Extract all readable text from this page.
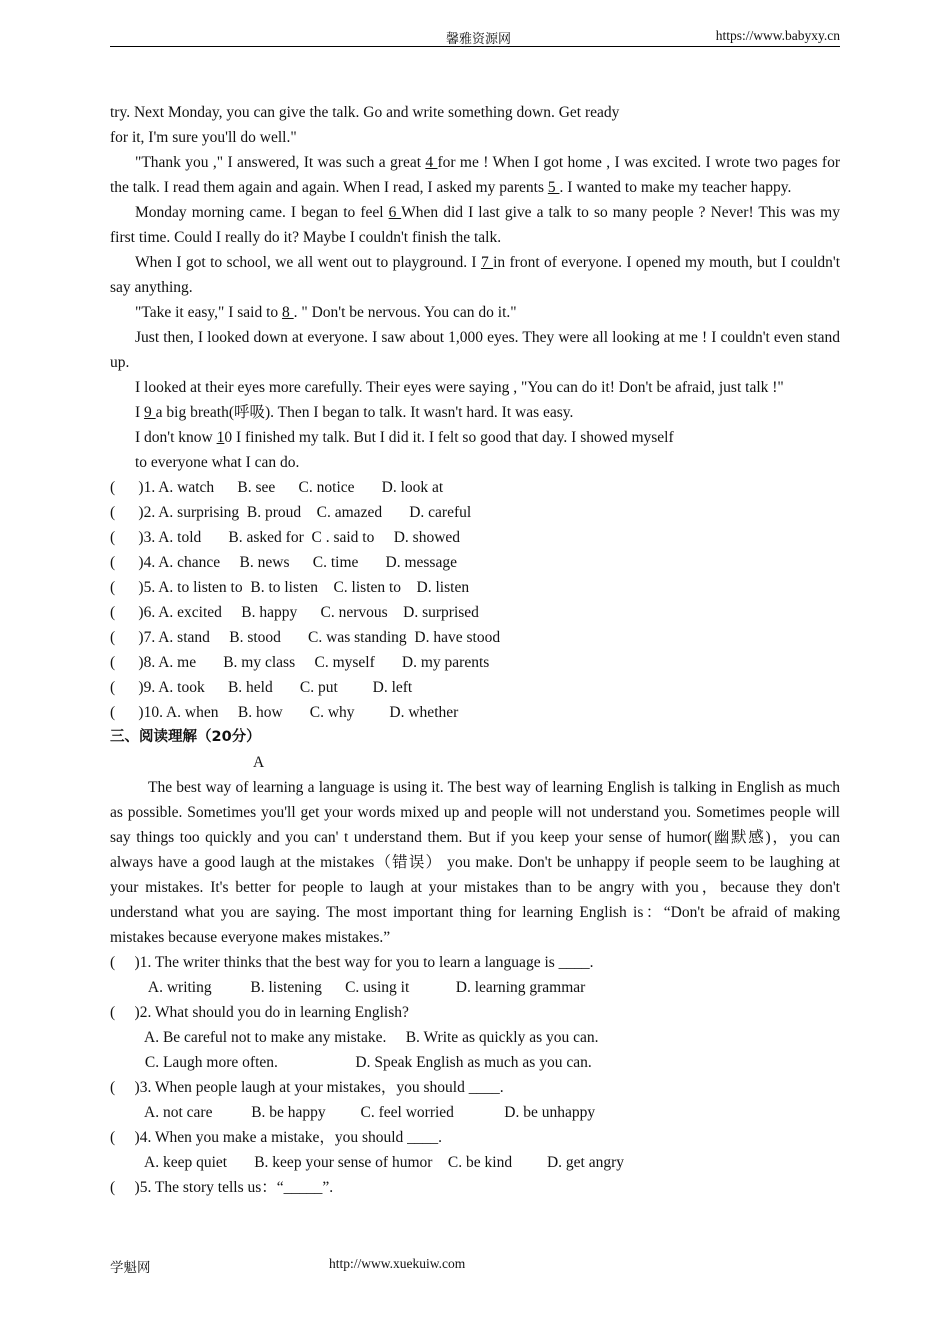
馨雅资源网	https://www.babyxy.cn
try. Next Monday, you can give the talk. Go and write something down. Get ready
for it, I'm sure you'll do well."
"Thank you ," I answered, It was such a great 4 for me ! When I got home , I was excited. I wrote two pages for the talk. I read them again and again. When I read, I asked my parents 5 . I wanted to make my teacher happy.
Monday morning came. I began to feel 6 When did I last give a talk to so many people ? Never! This was my first time. Could I really do it? Maybe I couldn't finish the talk.
When I got to school, we all went out to playground. I 7 in front of everyone. I opened my mouth, but I couldn't say anything.
"Take it easy," I said to 8 . " Don't be nervous. You can do it."
Just then, I looked down at everyone. I saw about 1,000 eyes. They were all looking at me ! I couldn't even stand up.
I looked at their eyes more carefully. Their eyes were saying , "You can do it! Don't be afraid, just talk !"
I 9 a big breath(呼吸). Then I began to talk. It wasn't hard. It was easy.
I don't know 10 I finished my talk. But I did it. I felt so good that day. I showed myself
to everyone what I can do.
(      )1. A. watch      B. see      C. notice       D. look at
(      )2. A. surprising  B. proud    C. amazed       D. careful
(      )3. A. told       B. asked for  C . said to     D. showed
(      )4. A. chance     B. news      C. time       D. message
(      )5. A. to listen to  B. to listen    C. listen to    D. listen
(      )6. A. excited     B. happy      C. nervous    D. surprised
(      )7. A. stand     B. stood       C. was standing  D. have stood
(      )8. A. me       B. my class     C. myself       D. my parents
(      )9. A. took      B. held       C. put         D. left
(      )10. A. when     B. how       C. why         D. whether
三、阅读理解（20分）
A
The best way of learning a language is using it. The best way of learning English is talking in English as much as possible. Sometimes you'll get your words mixed up and people will not understand you. Sometimes people will say things too quickly and you can' t understand them. But if you keep your sense of humor(幽默感)，you can always have a good laugh at the mistakes（错误） you make. Don't be unhappy if people seem to be laughing at your mistakes. It's better for people to laugh at your mistakes than to be angry with you，because they don't understand what you are saying. The most important thing for learning English is：“Don't be afraid of making mistakes because everyone makes mistakes.”
(     )1. The writer thinks that the best way for you to learn a language is ____.
A. writing          B. listening      C. using it            D. learning grammar
(     )2. What should you do in learning English?
A. Be careful not to make any mistake.     B. Write as quickly as you can.
C. Laugh more often.                    D. Speak English as much as you can.
(     )3. When people laugh at your mistakes，you should ____.
A. not care          B. be happy         C. feel worried             D. be unhappy
(     )4. When you make a mistake，you should ____.
A. keep quiet       B. keep your sense of humor    C. be kind         D. get angry
(     )5. The story tells us：“_____”.
学魁网	http://www.xuekuiw.com
